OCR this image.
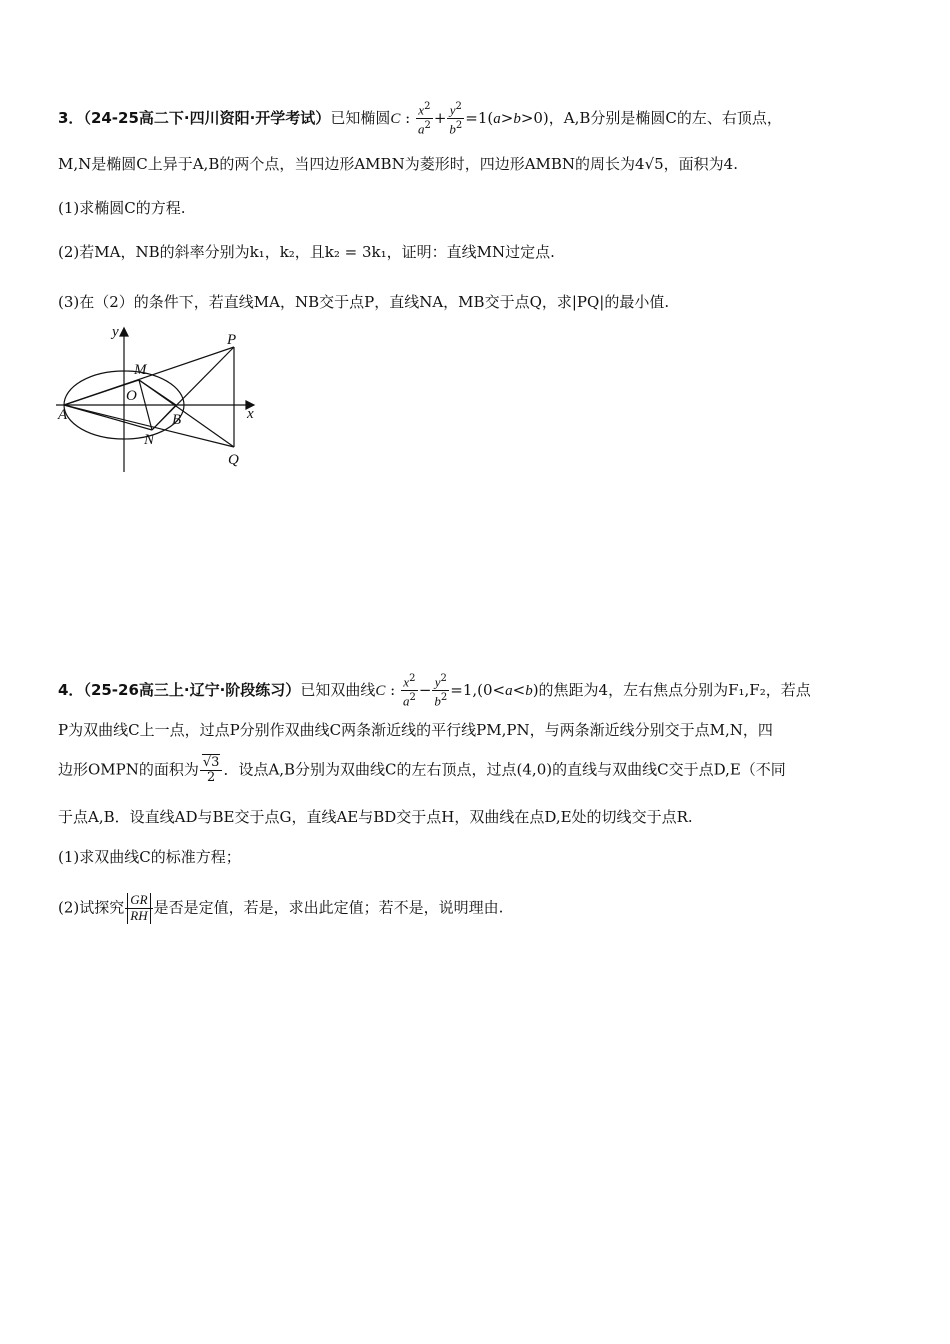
3．（24-25高二下·四川资阳·开学考试）已知椭圆C : $\frac{x^2}{a^2} + \frac{y^2}{b^2} =1(a>b>0)$，A,B分别是椭圆C的左、右顶点，
M,N是椭圆C上异于A,B的两个点，当四边形AMBN为菱形时，四边形AMBN的周长为4√5，面积为4.
(1)求椭圆C的方程.
(2)若MA，NB的斜率分别为k₁，k₂，且k₂ = 3k₁，证明：直线MN过定点.
(3)在（2）的条件下，若直线MA，NB交于点P，直线NA，MB交于点Q，求|PQ|的最小值.
y
x
O
A	B
M
N
P
Q
4．（25-26高三上·辽宁·阶段练习）已知双曲线C : $\frac{x^2}{a^2} - \frac{y^2}{b^2} =1,(0<a<b)$的焦距为4，左右焦点分别为F₁,F₂，若点
P为双曲线C上一点，过点P分别作双曲线C两条渐近线的平行线PM,PN，与两条渐近线分别交于点M,N，四
边形OMPN的面积为 $\frac{√3}{2}$ ．设点A,B分别为双曲线C的左右顶点，过点(4,0)的直线与双曲线C交于点D,E（不同
于点A,B．设直线AD与BE交于点G，直线AE与BD交于点H，双曲线在点D,E处的切线交于点R.
(1)求双曲线C的标准方程；
(2)试探究 $\frac{GR}{RH}$ 是否是定值，若是，求出此定值；若不是，说明理由.
